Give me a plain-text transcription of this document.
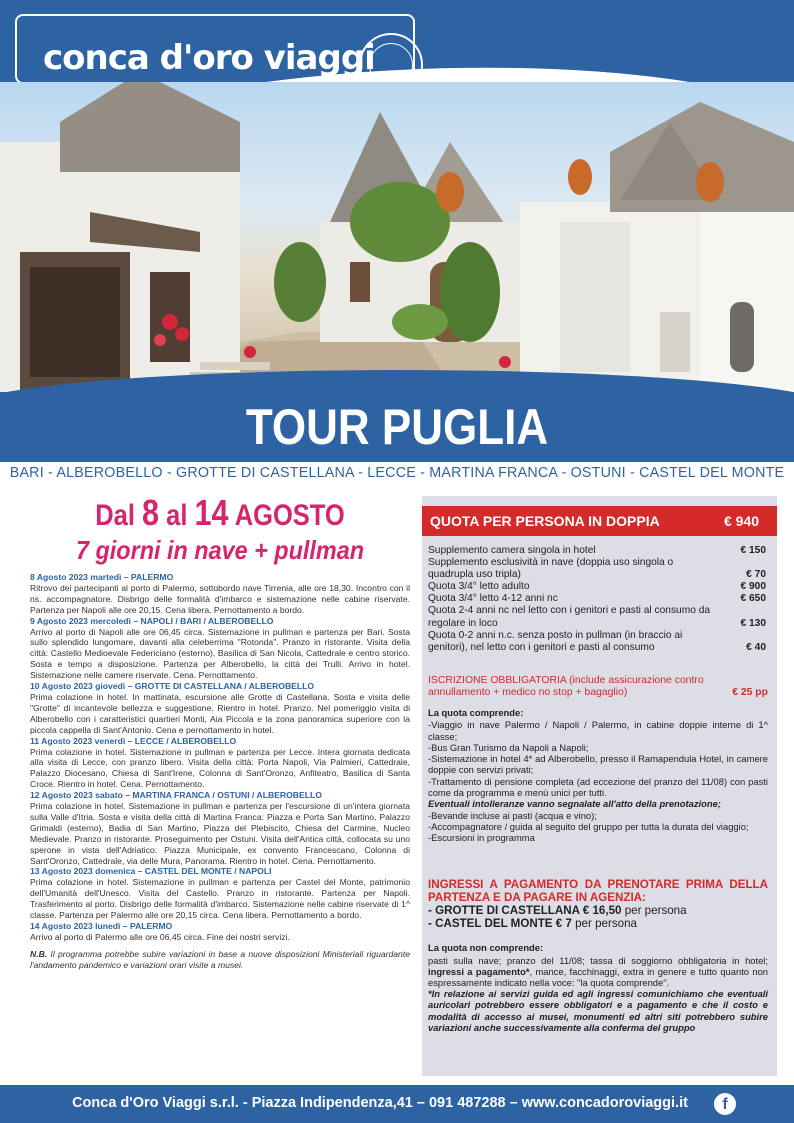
conca d'oro viaggi
TOUR PUGLIA
BARI - ALBEROBELLO - GROTTE DI CASTELLANA - LECCE - MARTINA FRANCA - OSTUNI - CASTEL DEL MONTE
Dal 8 al 14 AGOSTO
7 giorni in nave + pullman
8 Agosto 2023 martedì – PALERMO
Ritrovo dei partecipanti al porto di Palermo, sottobordo nave Tirrenia, alle ore 18,30. Incontro con il ns. accompagnatore. Disbrigo delle formalità d'imbarco e sistemazione nelle cabine riservate. Partenza per Napoli alle ore 20,15. Cena libera. Pernottamento a bordo.
9 Agosto 2023 mercoledì – NAPOLI / BARI / ALBEROBELLO
Arrivo al porto di Napoli alle ore 06,45 circa. Sistemazione in pullman e partenza per Bari. Sosta sullo splendido lungomare, davanti alla celeberrima "Rotonda". Pranzo in ristorante. Visita della città: Castello Medioevale Federiciano (esterno), Basilica di San Nicola, Cattedrale e centro storico. Sosta e tempo a disposizione. Partenza per Alberobello, la città dei Trulli. Arrivo in hotel. Sistemazione nelle camere riservate. Cena. Pernottamento.
10 Agosto 2023 giovedì – GROTTE DI CASTELLANA / ALBEROBELLO
Prima colazione in hotel. In mattinata, escursione alle Grotte di Castellana. Sosta e visita delle "Grotte" di incantevole bellezza e suggestione. Rientro in hotel. Pranzo. Nel pomeriggio visita di Alberobello con i caratteristici quartieri Monti, Aia Piccola e la zona panoramica superiore con la piccola cappella di Sant'Antonio. Cena e pernottamento in hotel.
11 Agosto 2023 venerdì – LECCE / ALBEROBELLO
Prima colazione in hotel. Sistemazione in pullman e partenza per Lecce. Intera giornata dedicata alla visita di Lecce, con pranzo libero. Visita della città: Porta Napoli, Via Palmieri, Cattedrale, Palazzo Diocesano, Chiesa di Sant'Irene, Colonna di Sant'Oronzo, Anfiteatro, Basilica di Santa Croce. Rientro in hotel. Cena. Pernottamento.
12 Agosto 2023 sabato – MARTINA FRANCA / OSTUNI / ALBEROBELLO
Prima colazione in hotel. Sistemazione in pullman e partenza per l'escursione di un'intera giornata sulla Valle d'Itria. Sosta e visita della città di Martina Franca: Piazza e Porta San Martino, Palazzo Grimaldi (esterno), Badia di San Martino, Piazza del Plebiscito, Chiesa del Carmine, Nucleo Medievale. Pranzo in ristorante. Proseguimento per Ostuni. Visita dell'Antica città, collocata su uno sperone in vista dell'Adriatico: Piazza Municipale, ex convento Francescano, Colonna di Sant'Oronzo, Cattedrale, via delle Mura, Panorama. Rientro in hotel. Cena. Pernottamento.
13 Agosto 2023 domenica – CASTEL DEL MONTE / NAPOLI
Prima colazione in hotel. Sistemazione in pullman e partenza per Castel del Monte, patrimonio dell'Umanità dell'Unesco. Visita del Castello. Pranzo in ristorante. Partenza per Napoli. Trasferimento al porto. Disbrigo delle formalità d'imbarco. Sistemazione nelle cabine riservate di 1^ classe. Partenza per Palermo alle ore 20,15 circa. Cena libera. Pernottamento a bordo.
14 Agosto 2023 lunedì – PALERMO
Arrivo al porto di Palermo alle ore 06,45 circa. Fine dei nostri servizi.
N.B. Il programma potrebbe subire variazioni in base a nuove disposizioni Ministeriali riguardante l'andamento pandemico e variazioni orari visite a musei.
QUOTA PER PERSONA IN DOPPIA	€ 940
Supplemento camera singola in hotel	€ 150
Supplemento esclusività in nave (doppia uso singola o quadrupla uso tripla)	€ 70
Quota 3/4° letto adulto	€ 900
Quota 3/4° letto 4-12 anni nc	€ 650
Quota 2-4 anni nc nel letto con i genitori e pasti al consumo da regolare in loco	€ 130
Quota 0-2 anni n.c. senza posto in pullman (in braccio ai genitori), nel letto con i genitori e pasti al consumo	€ 40
ISCRIZIONE OBBLIGATORIA (include assicurazione contro annullamento + medico no stop + bagaglio)	€ 25 pp
La quota comprende:
-Viaggio in nave Palermo / Napoli / Palermo, in cabine doppie interne di 1^ classe;
-Bus Gran Turismo da Napoli a Napoli;
-Sistemazione in hotel 4* ad Alberobello, presso il Ramapendula Hotel, in camere doppie con servizi privati;
-Trattamento di pensione completa (ad eccezione del pranzo del 11/08) con pasti come da programma e menù unici per tutti.
Eventuali intolleranze vanno segnalate all'atto della prenotazione;
-Bevande incluse ai pasti (acqua e vino);
-Accompagnatore / guida al seguito del gruppo per tutta la durata del viaggio;
-Escursioni in programma
INGRESSI A PAGAMENTO DA PRENOTARE PRIMA DELLA PARTENZA E DA PAGARE IN AGENZIA:
- GROTTE DI CASTELLANA € 16,50 per persona
- CASTEL DEL MONTE € 7 per persona
La quota non comprende:
pasti sulla nave; pranzo del 11/08; tassa di soggiorno obbligatoria in hotel; ingressi a pagamento*, mance, facchinaggi, extra in genere e tutto quanto non espressamente indicato nella voce: "la quota comprende".
*In relazione ai servizi guida ed agli ingressi comunichiamo che eventuali auricolari potrebbero essere obbligatori e a pagamento e che il costo e modalità di accesso ai musei, monumenti ed altri siti potrebbero subire variazioni anche successivamente alla conferma del gruppo
Conca d'Oro Viaggi s.r.l. - Piazza Indipendenza,41 – 091 487288 – www.concadoroviaggi.it	f
